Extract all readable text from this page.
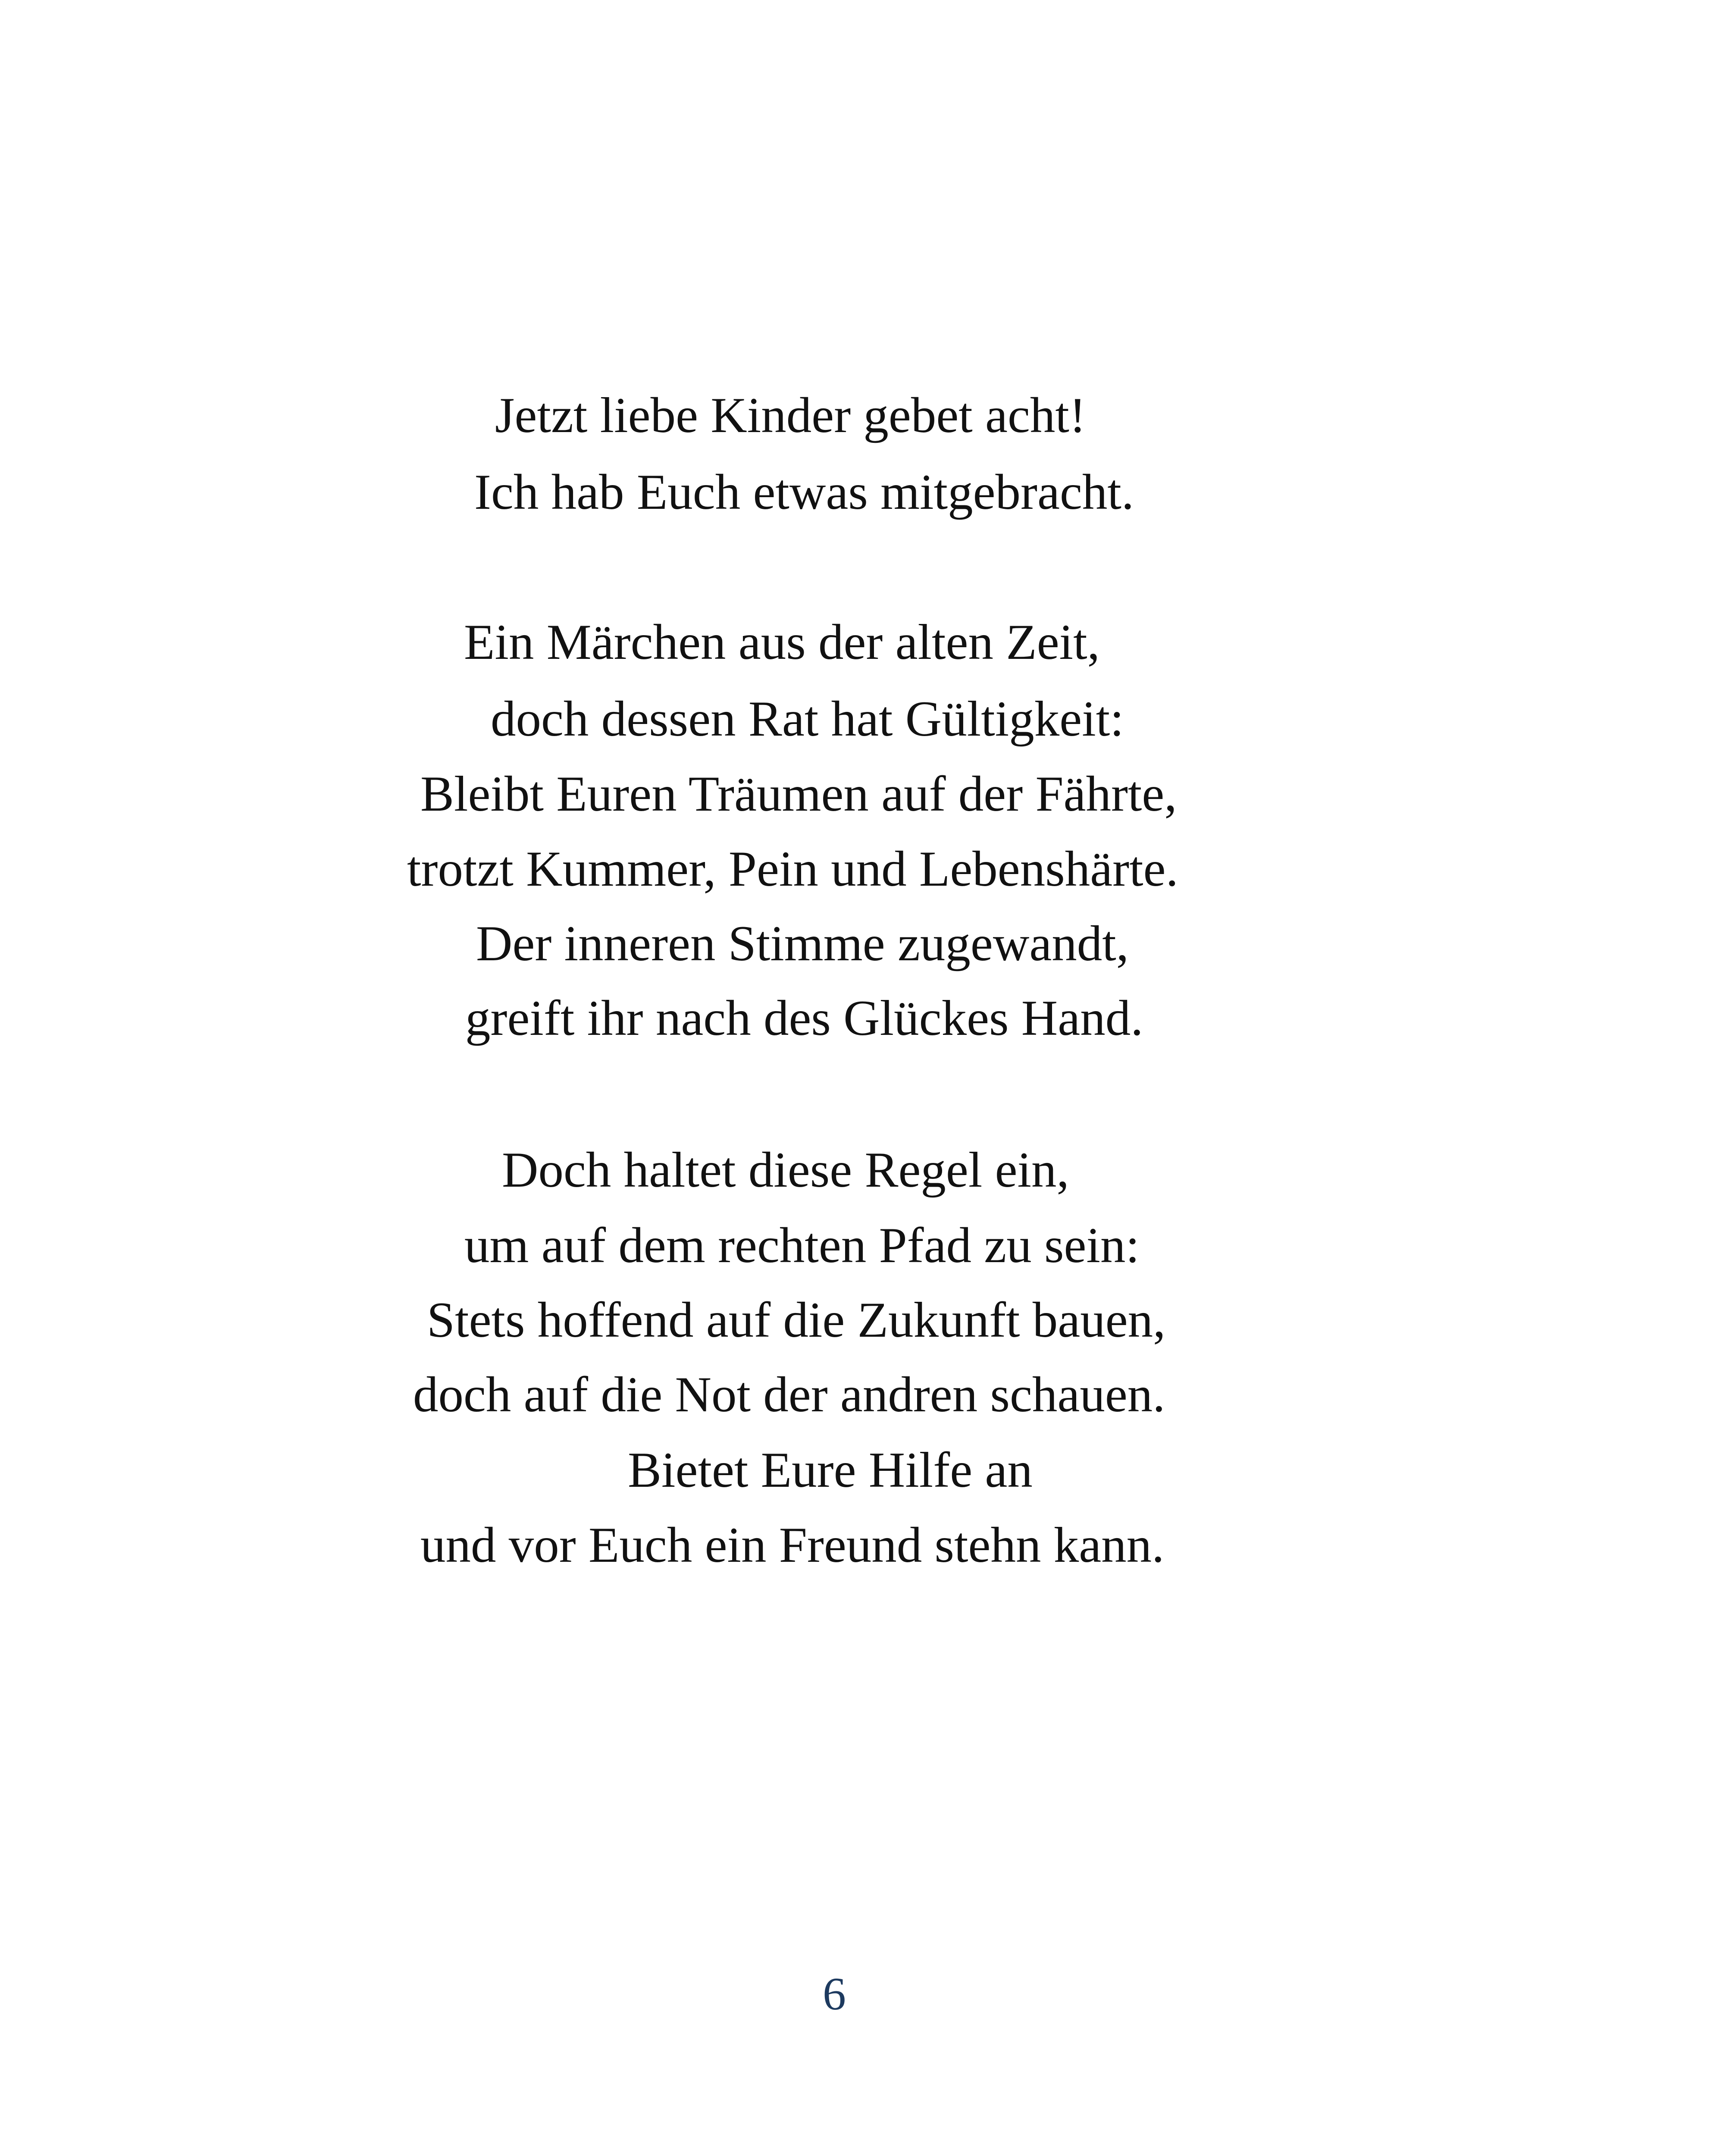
Jetzt liebe Kinder gebet acht!
Ich hab Euch etwas mitgebracht.
Ein Märchen aus der alten Zeit,
doch dessen Rat hat Gültigkeit:
Bleibt Euren Träumen auf der Fährte,
trotzt Kummer, Pein und Lebenshärte.
Der inneren Stimme zugewandt,
greift ihr nach des Glückes Hand.
Doch haltet diese Regel ein,
um auf dem rechten Pfad zu sein:
Stets hoffend auf die Zukunft bauen,
doch auf die Not der andren schauen.
Bietet Eure Hilfe an
und vor Euch ein Freund stehn kann.
6
